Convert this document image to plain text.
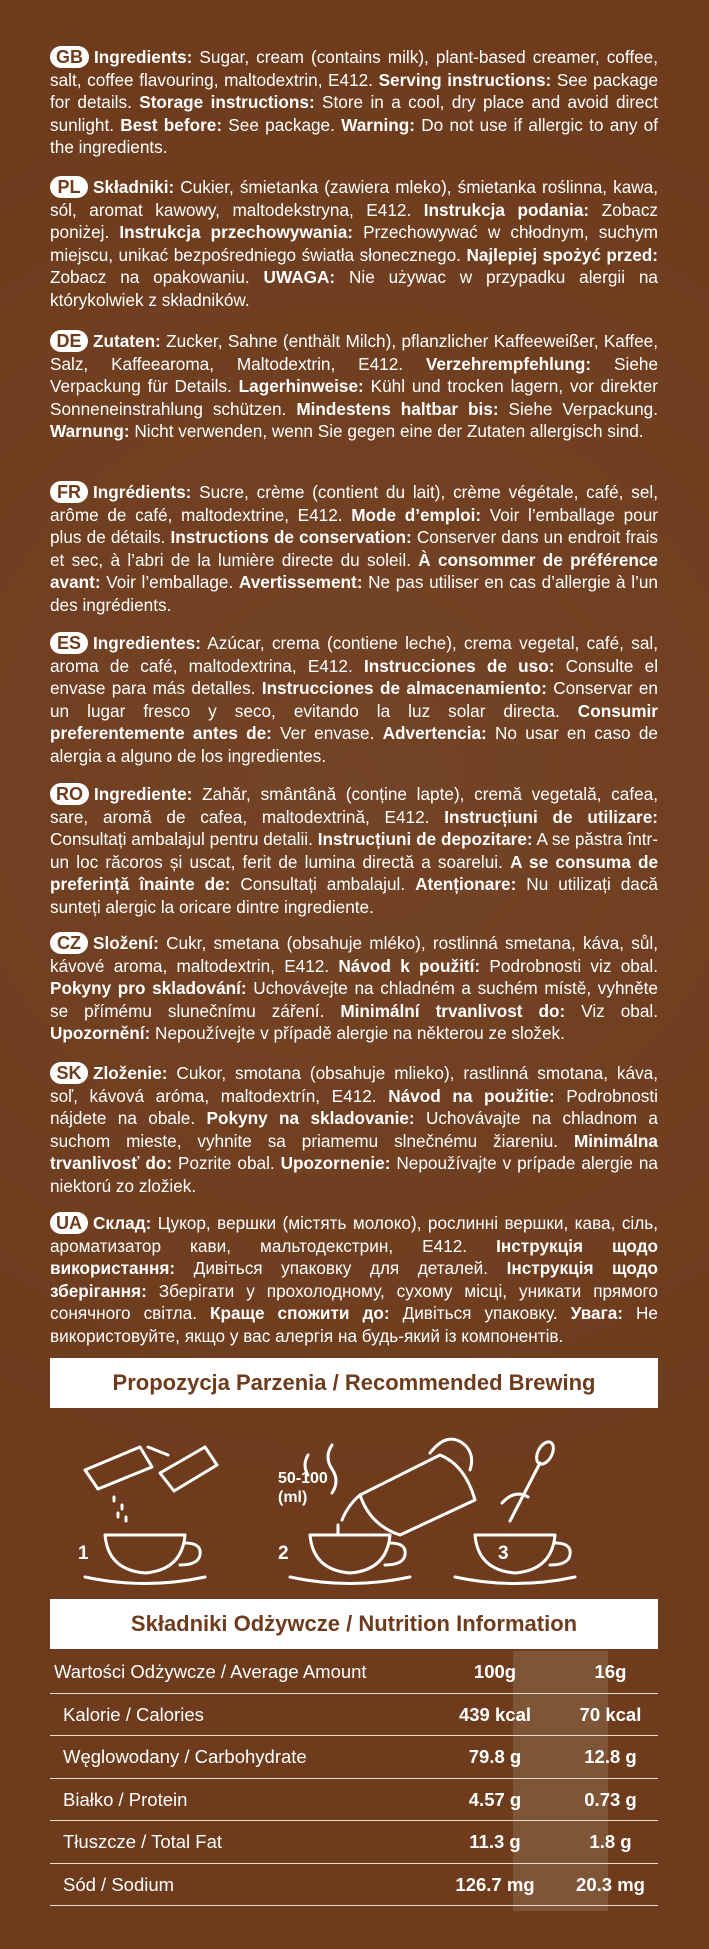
GB Ingredients: Sugar, cream (contains milk), plant-based creamer, coffee, salt, coffee flavouring, maltodextrin, E412. Serving instructions: See package for details. Storage instructions: Store in a cool, dry place and avoid direct sunlight. Best before: See package. Warning: Do not use if allergic to any of the ingredients.

PL Składniki: Cukier, śmietanka (zawiera mleko), śmietanka roślinna, kawa, sól, aromat kawowy, maltodekstryna, E412. Instrukcja podania: Zobacz poniżej. Instrukcja przechowywania: Przechowywać w chłodnym, suchym miejscu, unikać bezpośredniego światła słonecznego. Najlepiej spożyć przed: Zobacz na opakowaniu. UWAGA: Nie używac w przypadku alergii na którykolwiek z składników.

DE Zutaten: Zucker, Sahne (enthält Milch), pflanzlicher Kaffeeweißer, Kaffee, Salz, Kaffeearoma, Maltodextrin, E412. Verzehrempfehlung: Siehe Verpackung für Details. Lagerhinweise: Kühl und trocken lagern, vor direkter Sonneneinstrahlung schützen. Mindestens haltbar bis: Siehe Verpackung. Warnung: Nicht verwenden, wenn Sie gegen eine der Zutaten allergisch sind.

FR Ingrédients: Sucre, crème (contient du lait), crème végétale, café, sel, arôme de café, maltodextrine, E412. Mode d’emploi: Voir l’emballage pour plus de détails. Instructions de conservation: Conserver dans un endroit frais et sec, à l’abri de la lumière directe du soleil. À consommer de préférence avant: Voir l’emballage. Avertissement: Ne pas utiliser en cas d’allergie à l’un des ingrédients.

ES Ingredientes: Azúcar, crema (contiene leche), crema vegetal, café, sal, aroma de café, maltodextrina, E412. Instrucciones de uso: Consulte el envase para más detalles. Instrucciones de almacenamiento: Conservar en un lugar fresco y seco, evitando la luz solar directa. Consumir preferentemente antes de: Ver envase. Advertencia: No usar en caso de alergia a alguno de los ingredientes.

RO Ingrediente: Zahăr, smântână (conține lapte), cremă vegetală, cafea, sare, aromă de cafea, maltodextrină, E412. Instrucțiuni de utilizare: Consultați ambalajul pentru detalii. Instrucțiuni de depozitare: A se păstra într-un loc răcoros și uscat, ferit de lumina directă a soarelui. A se consuma de preferință înainte de: Consultați ambalajul. Atenționare: Nu utilizați dacă sunteți alergic la oricare dintre ingrediente.

CZ Složení: Cukr, smetana (obsahuje mléko), rostlinná smetana, káva, sůl, kávové aroma, maltodextrin, E412. Návod k použití: Podrobnosti viz obal. Pokyny pro skladování: Uchovávejte na chladném a suchém místě, vyhněte se přímému slunečnímu záření. Minimální trvanlivost do: Viz obal. Upozornění: Nepoužívejte v případě alergie na některou ze složek.

SK Zloženie: Cukor, smotana (obsahuje mlieko), rastlinná smotana, káva, soľ, kávová aróma, maltodextrín, E412. Návod na použitie: Podrobnosti nájdete na obale. Pokyny na skladovanie: Uchovávajte na chladnom a suchom mieste, vyhnite sa priamemu slnečnému žiareniu. Minimálna trvanlivosť do: Pozrite obal. Upozornenie: Nepoužívajte v prípade alergie na niektorú zo zložiek.

UA Склад: Цукор, вершки (містять молоко), рослинні вершки, кава, сіль, ароматизатор кави, мальтодекстрин, E412. Інструкція щодо використання: Дивіться упаковку для деталей. Інструкція щодо зберігання: Зберігати у прохолодному, сухому місці, уникати прямого сонячного світла. Краще спожити до: Дивіться упаковку. Увага: Не використовуйте, якщо у вас алергія на будь-який із компонентів.

Propozycja Parzenia / Recommended Brewing
1	2	3
50-100
(ml)
Składniki Odżywcze / Nutrition Information
Wartości Odżywcze / Average Amount	100g	16g
Kalorie / Calories	439 kcal	70 kcal
Węglowodany / Carbohydrate	79.8 g	12.8 g
Białko / Protein	4.57 g	0.73 g
Tłuszcze / Total Fat	11.3 g	1.8 g
Sód / Sodium	126.7 mg	20.3 mg
